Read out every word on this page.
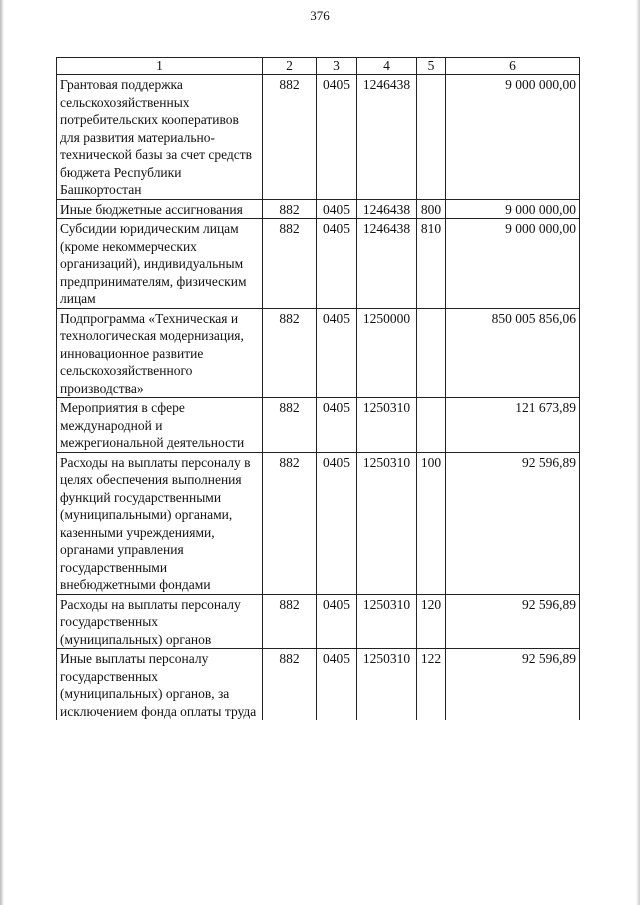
376
1	2	3	4	5	6
Грантовая поддержка сельскохозяйственных потребительских кооперативов для развития материально-технической базы за счет средств бюджета Республики Башкортостан	882	0405	1246438		9 000 000,00
Иные бюджетные ассигнования	882	0405	1246438	800	9 000 000,00
Субсидии юридическим лицам (кроме некоммерческих организаций), индивидуальным предпринимателям, физическим лицам	882	0405	1246438	810	9 000 000,00
Подпрограмма «Техническая и технологическая модернизация, инновационное развитие сельскохозяйственного производства»	882	0405	1250000		850 005 856,06
Мероприятия в сфере международной и межрегиональной деятельности	882	0405	1250310		121 673,89
Расходы на выплаты персоналу в целях обеспечения выполнения функций государственными (муниципальными) органами, казенными учреждениями, органами управления государственными внебюджетными фондами	882	0405	1250310	100	92 596,89
Расходы на выплаты персоналу государственных (муниципальных) органов	882	0405	1250310	120	92 596,89
Иные выплаты персоналу государственных (муниципальных) органов, за исключением фонда оплаты труда	882	0405	1250310	122	92 596,89
